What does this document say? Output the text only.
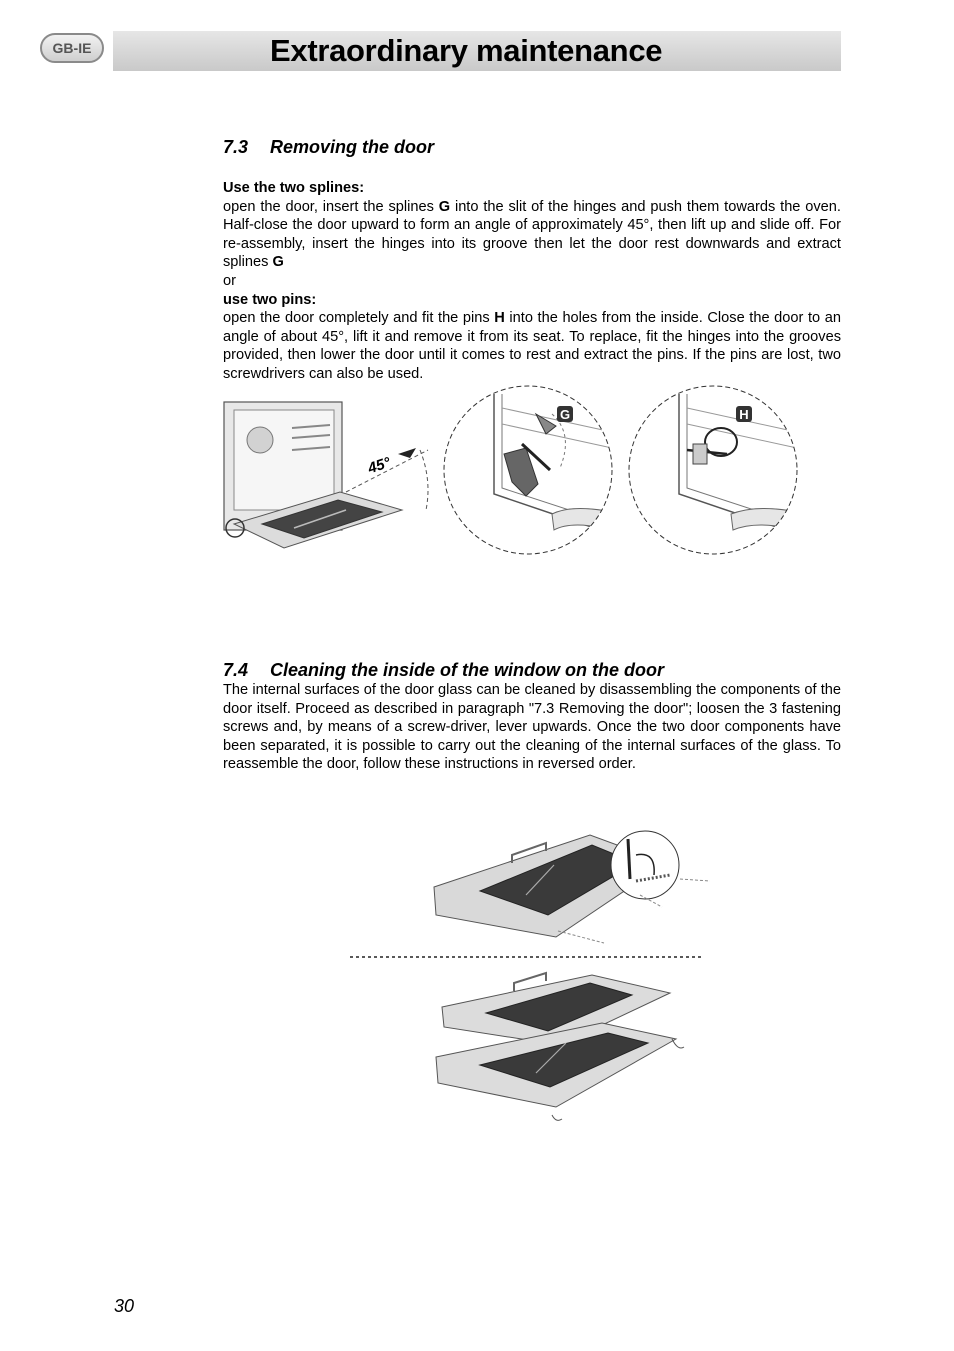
GB-IE	Extraordinary maintenance
7.3 Removing the door

Use the two splines:

open the door, insert the splines G into the slit of the hinges and push them towards the oven. Half-close the door upward to form an angle of approximately 45°, then lift up and slide off. For re-assembly, insert the hinges into its groove then let the door rest downwards and extract splines G

or

use two pins:

open the door completely and fit the pins H into the holes from the inside. Close the door to an angle of about 45°, lift it and remove it from its seat. To replace, fit the hinges into the grooves provided, then lower the door until it comes to rest and extract the pins. If the pins are lost, two screwdrivers can also be used.

45°
G	H
7.4 Cleaning the inside of the window on the door

The internal surfaces of the door glass can be cleaned by disassembling the components of the door itself. Proceed as described in paragraph "7.3 Removing the door"; loosen the 3 fastening screws and, by means of a screw-driver, lever upwards. Once the two door components have been separated, it is possible to carry out the cleaning of the internal surfaces of the glass. To reassemble the door, follow these instructions in reversed order.

30
